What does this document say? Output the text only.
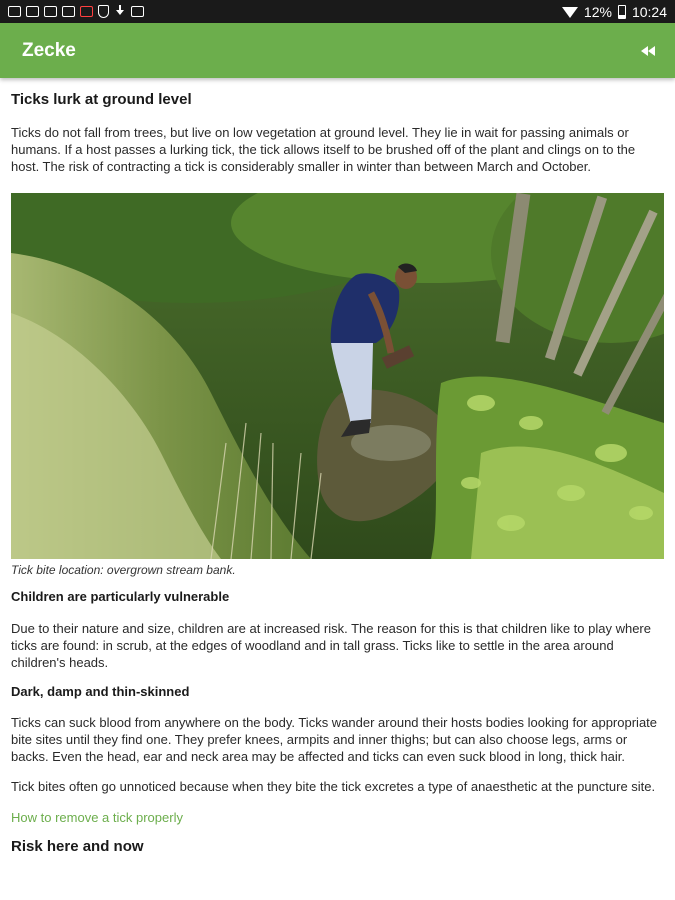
12% 10:24
Zecke
Ticks lurk at ground level

Ticks do not fall from trees, but live on low vegetation at ground level. They lie in wait for passing animals or humans. If a host passes a lurking tick, the tick allows itself to be brushed off of the plant and clings on to the host. The risk of contracting a tick is considerably smaller in winter than between March and October.

Tick bite location: overgrown stream bank.
Children are particularly vulnerable

Due to their nature and size, children are at increased risk. The reason for this is that children like to play where ticks are found: in scrub, at the edges of woodland and in tall grass. Ticks like to settle in the area around children's heads.

Dark, damp and thin-skinned

Ticks can suck blood from anywhere on the body. Ticks wander around their hosts bodies looking for appropriate bite sites until they find one. They prefer knees, armpits and inner thighs; but can also choose legs, arms or backs. Even the head, ear and neck area may be affected and ticks can even suck blood in long, thick hair.

Tick bites often go unnoticed because when they bite the tick excretes a type of anaesthetic at the puncture site.

How to remove a tick properly
Risk here and now
